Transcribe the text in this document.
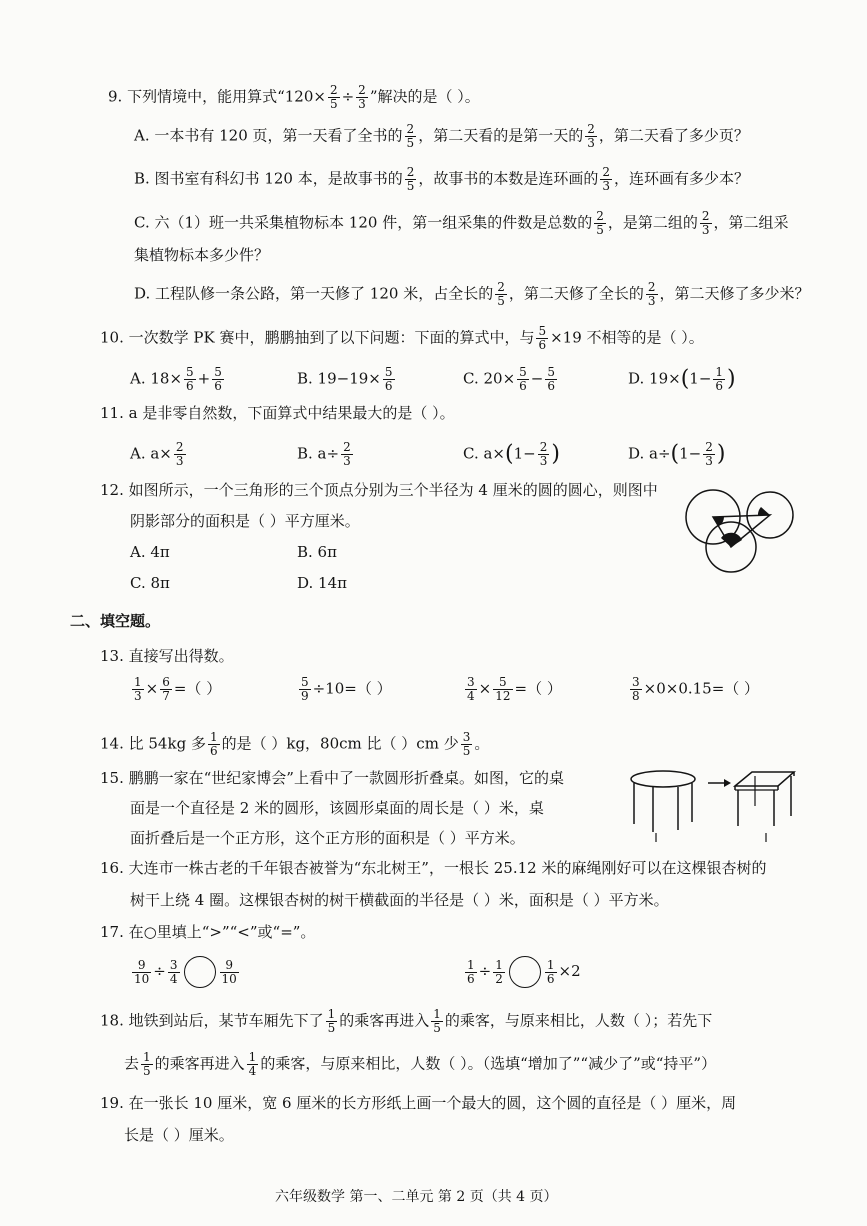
9. 下列情境中，能用算式“$120\times \frac{2}{5} \div \frac{2}{3}$ ”解决的是（ ）。
A. 一本书有 120 页，第一天看了全书的 $\frac{2}{5}$ ，第二天看的是第一天的 $\frac{2}{3}$ ，第二天看了多少页？
B. 图书室有科幻书 120 本，是故事书的 $\frac{2}{5}$ ，故事书的本数是连环画的 $\frac{2}{3}$ ，连环画有多少本？
C. 六（1）班一共采集植物标本 120 件，第一组采集的件数是总数的 $\frac{2}{5}$ ，是第二组的 $\frac{2}{3}$ ，第二组采
集植物标本多少件？
D. 工程队修一条公路，第一天修了 120 米，占全长的 $\frac{2}{5}$ ，第二天修了全长的 $\frac{2}{3}$ ，第二天修了多少米？
10. 一次数学 PK 赛中，鹏鹏抽到了以下问题：下面的算式中，与 $\frac{5}{6} \times 19$ 不相等的是（ ）。
A. $18\times \frac{5}{6} + \frac{5}{6}$	B. $19-19\times \frac{5}{6}$	C. $20\times \frac{5}{6} - \frac{5}{6}$	D. $19\times(1- \frac{1}{6}$ )
11. a 是非零自然数，下面算式中结果最大的是（ ）。
A. $a\times \frac{2}{3}$	B. $a\div \frac{2}{3}$	C. $a\times(1- \frac{2}{3}$ )	D. $a\div(1- \frac{2}{3}$ )
12. 如图所示，一个三角形的三个顶点分别为三个半径为 4 厘米的圆的圆心，则图中
阴影部分的面积是（ ）平方厘米。
A. 4π	B. 6π
C. 8π	D. 14π
二、填空题。
13. 直接写出得数。
$\frac{1}{3} \times \frac{6}{7}$ =（ ）	$\frac{5}{9} \div 10=$（ ）	$\frac{3}{4} \times \frac{5}{12}$ =（ ）	$\frac{3}{8} \times 0\times 0.15=$（ ）
14. 比 54kg 多 $\frac{1}{6}$ 的是（ ）kg，80cm 比（ ）cm 少 $\frac{3}{5}$ 。
15. 鹏鹏一家在“世纪家博会”上看中了一款圆形折叠桌。如图，它的桌
面是一个直径是 2 米的圆形，该圆形桌面的周长是（ ）米，桌
面折叠后是一个正方形，这个正方形的面积是（ ）平方米。
16. 大连市一株古老的千年银杏被誉为“东北树王”，一根长 25.12 米的麻绳刚好可以在这棵银杏树的
树干上绕 4 圈。这棵银杏树的树干横截面的半径是（ ）米，面积是（ ）平方米。
17. 在○里填上“>”“<”或“=”。
$\frac{9}{10} \div \frac{3}{4}$	$\frac{9}{10}$	$\frac{1}{6} \div \frac{1}{2}$	$\frac{1}{6} \times 2$
18. 地铁到站后，某节车厢先下了 $\frac{1}{5}$ 的乘客再进入 $\frac{1}{5}$ 的乘客，与原来相比，人数（ ）；若先下
去 $\frac{1}{5}$ 的乘客再进入 $\frac{1}{4}$ 的乘客，与原来相比，人数（ ）。（选填“增加了”“减少了”或“持平”）
19. 在一张长 10 厘米，宽 6 厘米的长方形纸上画一个最大的圆，这个圆的直径是（ ）厘米，周
长是（ ）厘米。
六年级数学 第一、二单元 第 2 页（共 4 页）
